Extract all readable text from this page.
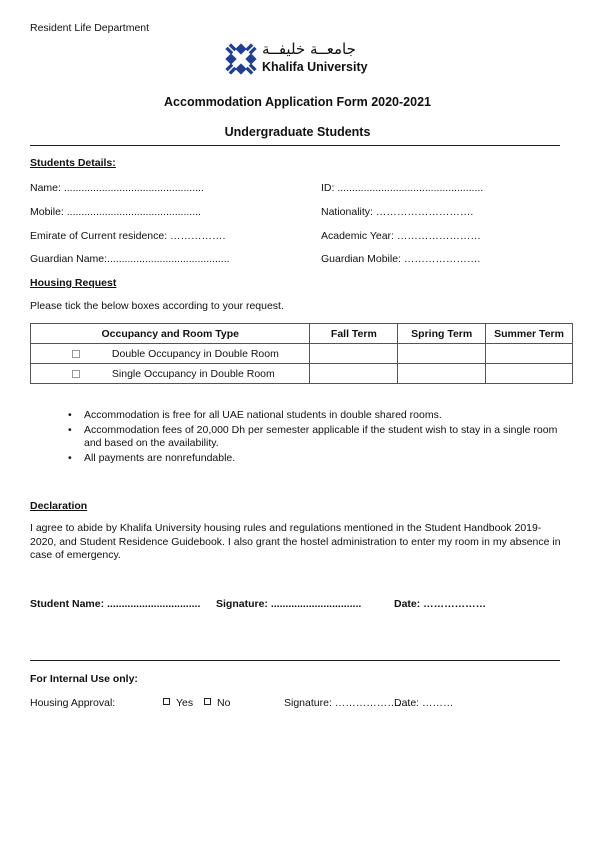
Resident Life Department
جامعــة خليفــة
Khalifa University
Accommodation Application Form 2020-2021
Undergraduate Students
Students Details:
Name: ................................................	ID: ..................................................
Mobile: ..............................................	Nationality: ……………………….
Emirate of Current residence: …………….	Academic Year: ……………………
Guardian Name:..........................................	Guardian Mobile: ………………….
Housing Request
Please tick the below boxes according to your request.
Occupancy and Room Type	Fall Term	Spring Term	Summer Term
Double Occupancy in Double Room			
Single Occupancy in Double Room			
• Accommodation is free for all UAE national students in double shared rooms.
• Accommodation fees of 20,000 Dh per semester applicable if the student wish to stay in a single room and based on the availability.
• All payments are nonrefundable.
Declaration
I agree to abide by Khalifa University housing rules and regulations mentioned in the Student Handbook 2019-2020, and Student Residence Guidebook. I also grant the hostel administration to enter my room in my absence in case of emergency.
Student Name: ................................ Signature: ...............................	Date: ………………
For Internal Use only:
Housing Approval:	Yes	No	Signature: ………………….
Date: ………
